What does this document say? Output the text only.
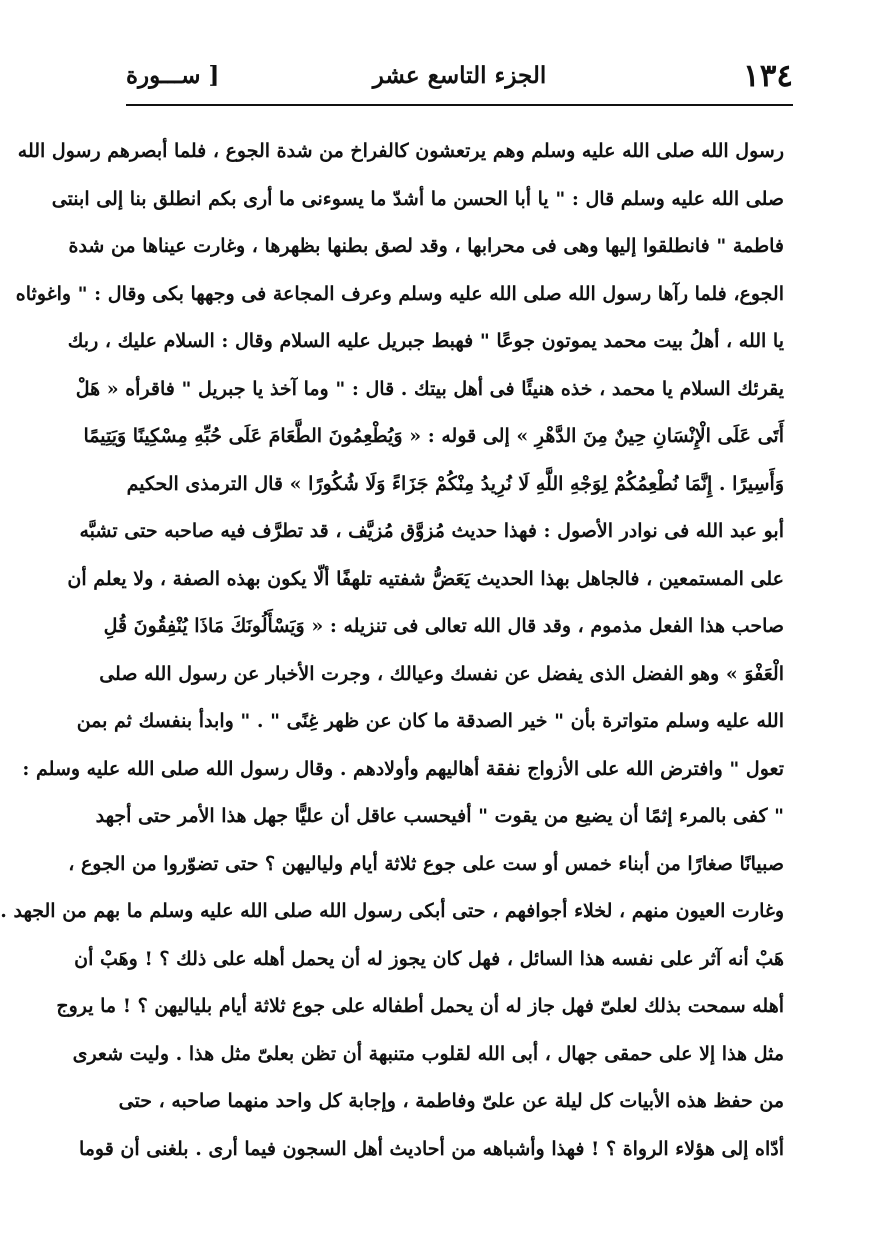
١٣٤
الجزء التاسع عشر
[ ســـورة
رسول الله صلى الله عليه وسلم وهم يرتعشون كالفراخ من شدة الجوع ، فلما أبصرهم رسول الله
صلى الله عليه وسلم قال : " يا أبا الحسن ما أشدّ ما يسوءنى ما أرى بكم انطلق بنا إلى ابنتى
فاطمة " فانطلقوا إليها وهى فى محرابها ، وقد لصق بطنها بظهرها ، وغارت عيناها من شدة
الجوع، فلما رآها رسول الله صلى الله عليه وسلم وعرف المجاعة فى وجهها بكى وقال : " واغوثاه
يا الله ، أهلُ بيت محمد يموتون جوعًا " فهبط جبريل عليه السلام وقال : السلام عليك ، ربك
يقرئك السلام يا محمد ، خذه هنيئًا فى أهل بيتك . قال : " وما آخذ يا جبريل " فاقرأه « هَلْ
أَتَى عَلَى الْإِنْسَانِ حِينٌ مِنَ الدَّهْرِ » إلى قوله : « وَيُطْعِمُونَ الطَّعَامَ عَلَى حُبِّهِ مِسْكِينًا وَيَتِيمًا
وَأَسِيرًا . إِنَّمَا نُطْعِمُكُمْ لِوَجْهِ اللَّهِ لَا نُرِيدُ مِنْكُمْ جَزَاءً وَلَا شُكُورًا » قال الترمذى الحكيم
أبو عبد الله فى نوادر الأصول : فهذا حديث مُزوَّق مُزيَّف ، قد تطرَّف فيه صاحبه حتى تشبَّه
على المستمعين ، فالجاهل بهذا الحديث يَعَضُّ شفتيه تلهفًا ألّا يكون بهذه الصفة ، ولا يعلم أن
صاحب هذا الفعل مذموم ، وقد قال الله تعالى فى تنزيله : « وَيَسْأَلُونَكَ مَاذَا يُنْفِقُونَ قُلِ
الْعَفْوَ » وهو الفضل الذى يفضل عن نفسك وعيالك ، وجرت الأخبار عن رسول الله صلى
الله عليه وسلم متواترة بأن " خير الصدقة ما كان عن ظهر غِنًى " . " وابدأ بنفسك ثم بمن
تعول " وافترض الله على الأزواج نفقة أهاليهم وأولادهم . وقال رسول الله صلى الله عليه وسلم :
" كفى بالمرء إثمًا أن يضيع من يقوت " أفيحسب عاقل أن عليًّا جهل هذا الأمر حتى أجهد
صبيانًا صغارًا من أبناء خمس أو ست على جوع ثلاثة أيام ولياليهن ؟ حتى تضوّروا من الجوع ،
وغارت العيون منهم ، لخلاء أجوافهم ، حتى أبكى رسول الله صلى الله عليه وسلم ما بهم من الجهد .
هَبْ أنه آثر على نفسه هذا السائل ، فهل كان يجوز له أن يحمل أهله على ذلك ؟ ! وهَبْ أن
أهله سمحت بذلك لعلىّ فهل جاز له أن يحمل أطفاله على جوع ثلاثة أيام بلياليهن ؟ ! ما يروج
مثل هذا إلا على حمقى جهال ، أبى الله لقلوب متنبهة أن تظن بعلىّ مثل هذا . وليت شعرى
من حفظ هذه الأبيات كل ليلة عن علىّ وفاطمة ، وإجابة كل واحد منهما صاحبه ، حتى
أدّاه إلى هؤلاء الرواة ؟ ! فهذا وأشباهه من أحاديث أهل السجون فيما أرى . بلغنى أن قوما
